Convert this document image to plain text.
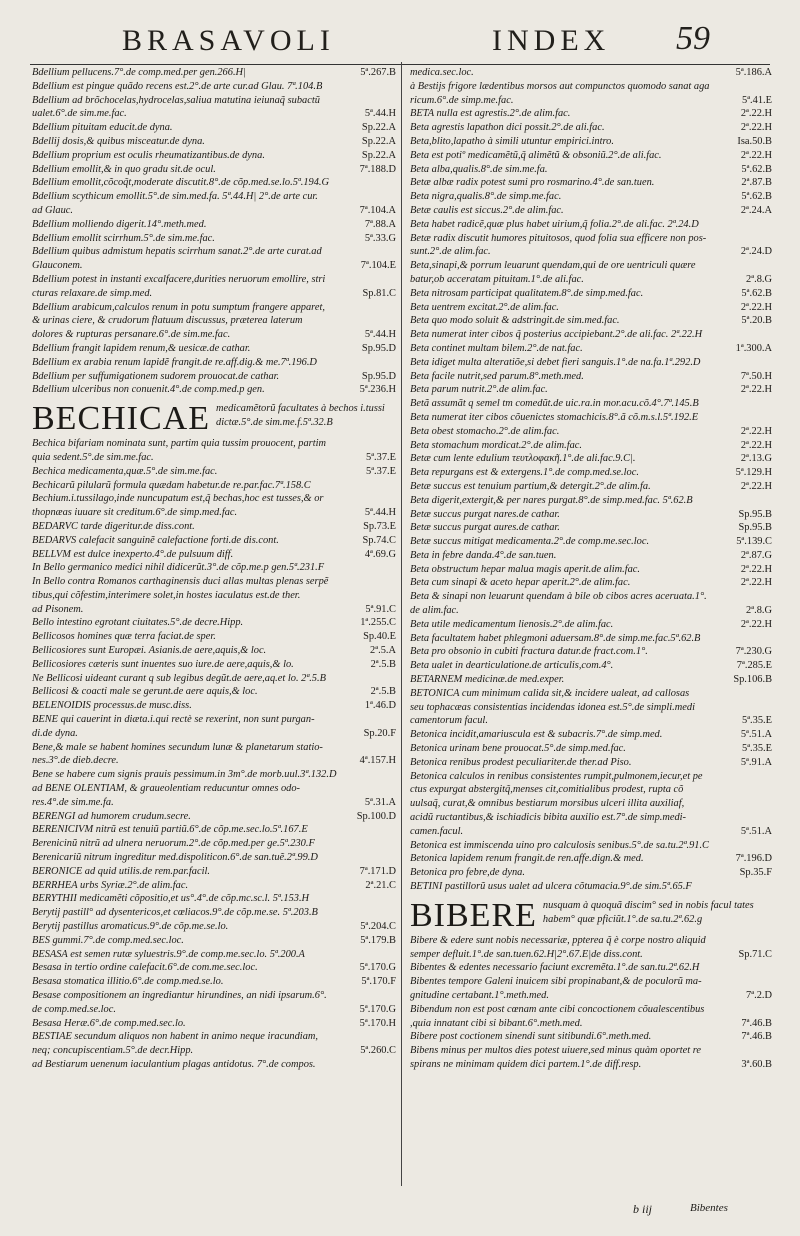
BRASAVOLI	INDEX 59
Bdellium pellucens.7°.de comp.med.per gen.266.H|	5ª.267.B
Bdellium est pingue quãdo recens est.2°.de arte cur.ad Glau. 7ª.104.B
Bdellium ad brõchocelas,hydrocelas,saliua matutina ieiunaq̃ subactũ
ualet.6°.de sim.me.fac.	5ª.44.H
Bdellium pituitam educit.de dyna.	Sp.22.A
Bdellij dosis,& quibus misceatur.de dyna.	Sp.22.A
Bdellium proprium est oculis rheumatizantibus.de dyna.	Sp.22.A
Bdellium emollit,& in quo gradu sit.de ocul.	7ª.188.D
Bdellium emollit,cõcoq̃t,moderate discutit.8°.de cõp.med.se.lo.5ª.194.G
Bdellium scythicum emollit.5°.de sim.med.fa. 5ª.44.H| 2°.de arte cur.
ad Glauc.	7ª.104.A
Bdellium molliendo digerit.14°.meth.med.	7ª.88.A
Bdellium emollit scirrhum.5°.de sim.me.fac.	5ª.33.G
Bdellium quibus admistum hepatis scirrhum sanat.2°.de arte curat.ad
Glauconem.	7ª.104.E
Bdellium potest in instanti excalfacere,durities neruorum emollire, stri
cturas relaxare.de simp.med.	Sp.81.C
Bdellium arabicum,calculos renum in potu sumptum frangere apparet,
& urinas ciere, & crudorum flatuum discussus, præterea laterum
dolores & rupturas persanare.6°.de sim.me.fac.	5ª.44.H
Bdellium frangit lapidem renum,& uesicæ.de cathar.	Sp.95.D
Bdellium ex arabia renum lapidẽ frangit.de re.aff.dig.& me.7ª.196.D
Bdellium per suffumigationem sudorem prouocat.de cathar.	Sp.95.D
Bdellium ulceribus non conuenit.4°.de comp.med.p gen.	5ª.236.H
BECHICAE medicamẽtorũ facultates à bechos i.tussi dictæ.5°.de sim.me.f.5ª.32.B
Bechica bifariam nominata sunt, partim quia tussim prouocent, partim
quia sedent.5°.de sim.me.fac.	5ª.37.E
Bechica medicamenta,quæ.5°.de sim.me.fac.	5ª.37.E
Bechicarũ pilularũ formula quædam habetur.de re.par.fac.7ª.158.C
Bechium.i.tussilago,inde nuncupatum est,q̃ bechas,hoc est tusses,& or
thopnæas iuuare sit creditum.6°.de simp.med.fac.	5ª.44.H
BEDARVC tarde digeritur.de diss.cont.	Sp.73.E
BEDARVS calefacit sanguinẽ calefactione forti.de dis.cont.	Sp.74.C
BELLVM est dulce inexperto.4°.de pulsuum diff.	4ª.69.G
In Bello germanico medici nihil didicerũt.3°.de cõp.me.p gen.5ª.231.F
In Bello contra Romanos carthaginensis duci allas multas plenas serpẽ
tibus,qui cõfestim,interimere solet,in hostes iaculatus est.de ther.
ad Pisonem.	5ª.91.C
Bello intestino egrotant ciuitates.5°.de decre.Hipp.	1ª.255.C
Bellicosos homines quæ terra faciat.de sper.	Sp.40.E
Bellicosiores sunt Europæi. Asianis.de aere,aquis,& loc.	2ª.5.A
Bellicosiores cæteris sunt inuentes suo iure.de aere,aquis,& lo.	2ª.5.B
Ne Bellicosi uideant curant q sub legibus degũt.de aere,aq.et lo. 2ª.5.B
Bellicosi & coacti male se gerunt.de aere aquis,& loc.	2ª.5.B
BELENOIDIS processus.de musc.diss.	1ª.46.D
BENE qui cauerint in diæta.i.qui rectè se rexerint, non sunt purgan-
di.de dyna.	Sp.20.F
Bene,& male se habent homines secundum lunæ & planetarum statio-
nes.3°.de dieb.decre.	4ª.157.H
Bene se habere cum signis prauis pessimum.in 3m°.de morb.uul.3ª.132.D
ad BENE OLENTIAM, & graueolentiam reducuntur omnes odo-
res.4°.de sim.me.fa.	5ª.31.A
BERENGI ad humorem crudum.secre.	Sp.100.D
BERENICIVM nitrũ est tenuiũ partiũ.6°.de cõp.me.sec.lo.5ª.167.E
Berenicinũ nitrũ ad ulnera neruorum.2°.de cõp.med.per ge.5ª.230.F
Berenicariũ nitrum ingreditur med.dispoliticon.6°.de san.tuẽ.2ª.99.D
BERONICE ad quid utilis.de rem.par.facil.	7ª.171.D
BERRHEA urbs Syriæ.2°.de alim.fac.	2ª.21.C
BERYTHII medicamẽti cõpositio,et us°.4°.de cõp.mc.sc.l. 5ª.153.H
Berytij pastill° ad dysentericos,et cœliacos.9°.de cõp.me.se. 5ª.203.B
Berytij pastillus aromaticus.9°.de cõp.me.se.lo.	5ª.204.C
BES gummi.7°.de comp.med.sec.loc.	5ª.179.B
BESASA est semen rutæ syluestris.9°.de comp.me.sec.lo. 5ª.200.A
Besasa in tertio ordine calefacit.6°.de com.me.sec.loc.	5ª.170.G
Besasa stomatica illitio.6°.de comp.med.se.lo.	5ª.170.F
Besase compositionem an ingrediantur hirundines, an nidi ipsarum.6°.
de comp.med.se.loc.	5ª.170.G
Besasa Heræ.6°.de comp.med.sec.lo.	5ª.170.H
BESTIAE secundum aliquos non habent in animo neque iracundiam,
neq; concupiscentiam.5°.de decr.Hipp.	5ª.260.C
ad Bestiarum uenenum iaculantium plagas antidotus. 7°.de compos.
medica.sec.loc.	5ª.186.A
à Bestijs frigore lædentibus morsos aut compunctos quomodo sanat aga
ricum.6°.de simp.me.fac.	5ª.41.E
BETA nulla est agrestis.2°.de alim.fac.	2ª.22.H
Beta agrestis lapathon dici possit.2°.de ali.fac.	2ª.22.H
Beta,blito,lapatho à simili utuntur empirici.intro.	Isa.50.B
Beta est potiº medicamẽtũ,q̃ alimẽtũ & obsoniũ.2°.de ali.fac.	2ª.22.H
Beta alba,qualis.8°.de sim.me.fa.	5ª.62.B
Betæ albæ radix potest sumi pro rosmarino.4°.de san.tuen.	2ª.87.B
Beta nigra,qualis.8°.de simp.me.fac.	5ª.62.B
Betæ caulis est siccus.2°.de alim.fac.	2ª.24.A
Beta habet radicẽ,quæ plus habet uirium,q̃ folia.2°.de ali.fac. 2ª.24.D
Betæ radix discutit humores pituitosos, quod folia sua efficere non pos-
sunt.2°.de alim.fac.	2ª.24.D
Beta,sinapi,& porrum leuarunt quendam,qui de ore uentriculi quære
batur,ob acceratam pituitam.1°.de ali.fac.	2ª.8.G
Beta nitrosam participat qualitatem.8°.de simp.med.fac.	5ª.62.B
Beta uentrem excitat.2°.de alim.fac.	2ª.22.H
Beta quo modo soluit & adstringit.de sim.med.fac.	5ª.20.B
Beta numerat inter cibos q̃ posterius accipiebant.2°.de ali.fac. 2ª.22.H
Beta continet multam bilem.2°.de nat.fac.	1ª.300.A
Beta idiget multa alteratiõe,si debet fieri sanguis.1°.de na.fa.1ª.292.D
Beta facile nutrit,sed parum.8°.meth.med.	7ª.50.H
Beta parum nutrit.2°.de alim.fac.	2ª.22.H
Betã assumãt q semel tm comedũt.de uic.ra.in mor.acu.cõ.4°.7ª.145.B
Beta numerat iter cibos cõuenictes stomachicis.8°.ã cõ.m.s.l.5ª.192.E
Beta obest stomacho.2°.de alim.fac.	2ª.22.H
Beta stomachum mordicat.2°.de alim.fac.	2ª.22.H
Betæ cum lente edulium τευτλοφακῆ.1°.de ali.fac.9.C|.	2ª.13.G
Beta repurgans est & extergens.1°.de comp.med.se.loc.	5ª.129.H
Betæ succus est tenuium partium,& detergit.2°.de alim.fa.	2ª.22.H
Beta digerit,extergit,& per nares purgat.8°.de simp.med.fac. 5ª.62.B
Betæ succus purgat nares.de cathar.	Sp.95.B
Betæ succus purgat aures.de cathar.	Sp.95.B
Betæ succus mitigat medicamenta.2°.de comp.me.sec.loc.	5ª.139.C
Beta in febre danda.4°.de san.tuen.	2ª.87.G
Beta obstructum hepar malua magis aperit.de alim.fac.	2ª.22.H
Beta cum sinapi & aceto hepar aperit.2°.de alim.fac.	2ª.22.H
Beta & sinapi non leuarunt quendam à bile ob cibos acres aceruata.1°.
de alim.fac.	2ª.8.G
Beta utile medicamentum lienosis.2°.de alim.fac.	2ª.22.H
Beta facultatem habet phlegmoni aduersam.8°.de simp.me.fac.5ª.62.B
Beta pro obsonio in cubiti fractura datur.de fract.com.1°.	7ª.230.G
Beta ualet in dearticulatione.de articulis,com.4°.	7ª.285.E
BETARNEM medicinæ.de med.exper.	Sp.106.B
BETONICA cum minimum calida sit,& incidere ualeat, ad callosas
seu tophacæas consistentias incidendas idonea est.5°.de simpli.medi
camentorum facul.	5ª.35.E
Betonica incidit,amariuscula est & subacris.7°.de simp.med.	5ª.51.A
Betonica urinam bene prouocat.5°.de simp.med.fac.	5ª.35.E
Betonica renibus prodest peculiariter.de ther.ad Piso.	5ª.91.A
Betonica calculos in renibus consistentes rumpit,pulmonem,iecur,et pe
ctus expurgat abstergitq̃,menses cit,comitialibus prodest, rupta cõ
uulsaq̃, curat,& omnibus bestiarum morsibus ulceri illita auxiliaf,
acidũ ructantibus,& ischiadicis bibita auxilio est.7°.de simp.medi-
camen.facul.	5ª.51.A
Betonica est immiscenda uino pro calculosis senibus.5°.de sa.tu.2ª.91.C
Betonica lapidem renum frangit.de ren.affe.dign.& med.	7ª.196.D
Betonica pro febre,de dyna.	Sp.35.F
BETINI pastillorũ usus ualet ad ulcera cõtumacia.9°.de sim.5ª.65.F
BIBERE nusquam à quoquã discim° sed in nobis facul tates habem° quæ pficiũt.1°.de sa.tu.2ª.62.g
Bibere & edere sunt nobis necessariæ, ppterea q̃ è corpe nostro aliquid
semper defluit.1°.de san.tuen.62.H|2°.67.E|de diss.cont.	Sp.71.C
Bibentes & edentes necessario faciunt excremẽta.1°.de san.tu.2ª.62.H
Bibentes tempore Galeni inuicem sibi propinabant,& de poculorũ ma-
gnitudine certabant.1°.meth.med.	7ª.2.D
Bibendum non est post cœnam ante cibi concoctionem cõualescentibus
,quia innatant cibi si bibant.6°.meth.med.	7ª.46.B
Bibere post coctionem sinendi sunt sitibundi.6°.meth.med.	7ª.46.B
Bibens minus per multos dies potest uiuere,sed minus quàm oportet re
spirans ne minimam quidem dici partem.1°.de diff.resp.	3ª.60.B
b iij	Bibentes
